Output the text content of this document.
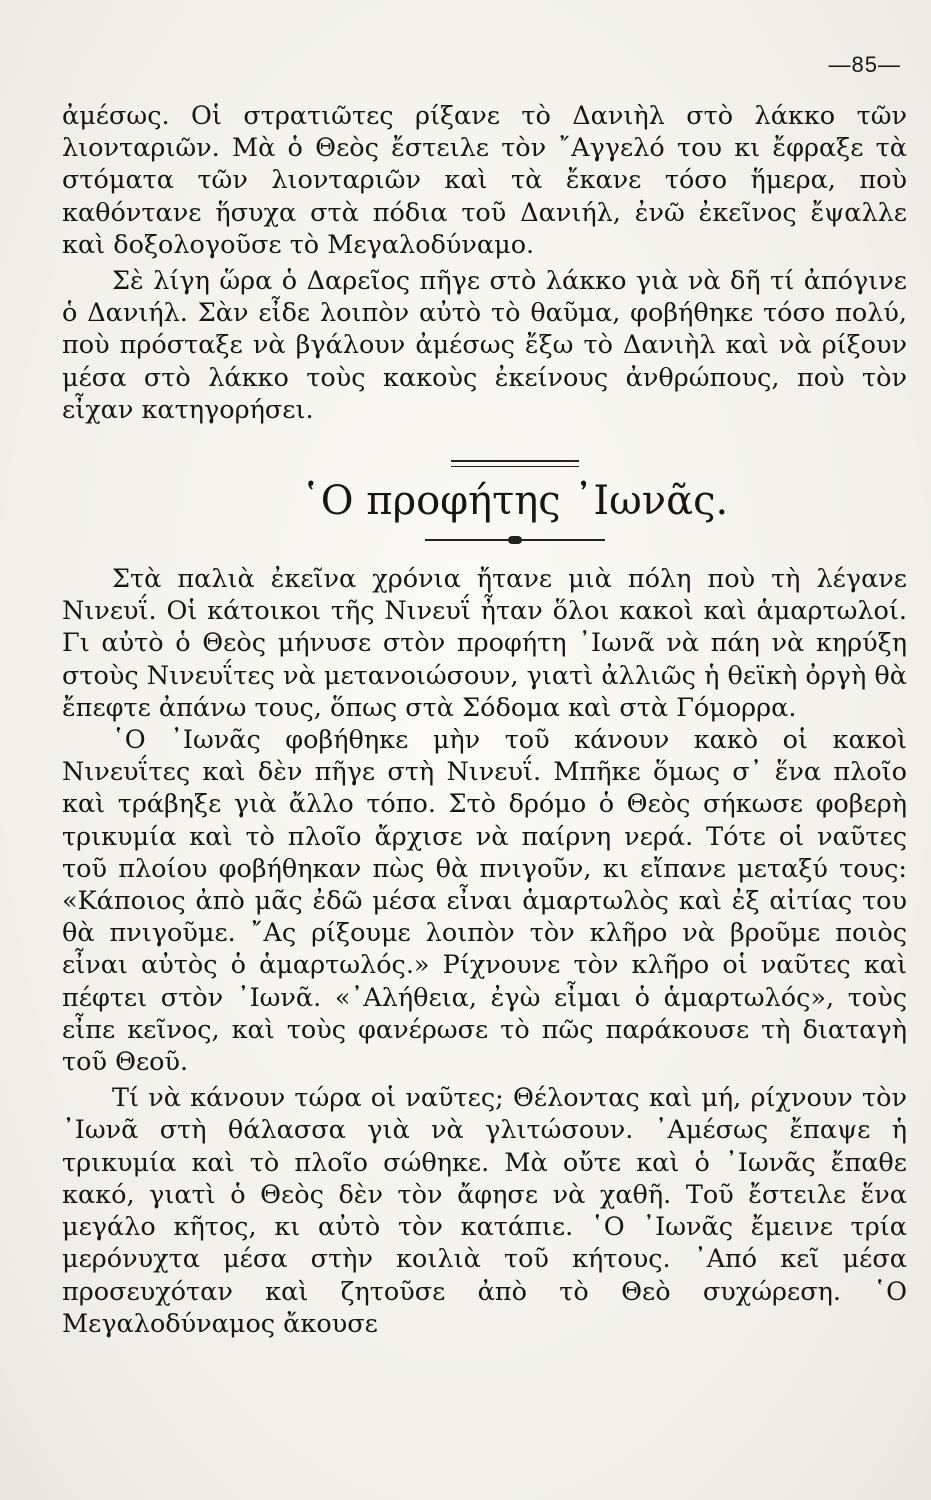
—85—

ἀμέσως. Οἱ στρατιῶτες ρίξανε τὸ Δανιὴλ στὸ λάκκο τῶν λιονταριῶν. Μὰ ὁ Θεὸς ἔστειλε τὸν ῎Αγγελό του κι ἔφραξε τὰ στόματα τῶν λιονταριῶν καὶ τὰ ἔκανε τόσο ἥμερα, ποὺ καθόντανε ἥσυχα στὰ πόδια τοῦ Δανιήλ, ἐνῶ ἐκεῖνος ἔψαλλε καὶ δοξολογοῦσε τὸ Μεγαλοδύναμο.

Σὲ λίγη ὥρα ὁ Δαρεῖος πῆγε στὸ λάκκο γιὰ νὰ δῆ τί ἀπόγινε ὁ Δανιήλ. Σὰν εἶδε λοιπὸν αὐτὸ τὸ θαῦμα, φοβήθηκε τόσο πολύ, ποὺ πρόσταξε νὰ βγάλουν ἀμέσως ἔξω τὸ Δανιὴλ καὶ νὰ ρίξουν μέσα στὸ λάκκο τοὺς κακοὺς ἐκείνους ἀνθρώπους, ποὺ τὸν εἶχαν κατηγορήσει.

῾Ο προφήτης ᾿Ιωνᾶς.

Στὰ παλιὰ ἐκεῖνα χρόνια ἤτανε μιὰ πόλη ποὺ τὴ λέγανε Νινευΐ. Οἱ κάτοικοι τῆς Νινευΐ ἦταν ὅλοι κακοὶ καὶ ἁμαρτωλοί. Γι αὐτὸ ὁ Θεὸς μήνυσε στὸν προφήτη ᾿Ιωνᾶ νὰ πάη νὰ κηρύξη στοὺς Νινευΐτες νὰ μετανοιώσουν, γιατὶ ἀλλιῶς ἡ θεϊκὴ ὀργὴ θὰ ἔπεφτε ἀπάνω τους, ὅπως στὰ Σόδομα καὶ στὰ Γόμορρα.

῾Ο ᾿Ιωνᾶς φοβήθηκε μὴν τοῦ κάνουν κακὸ οἱ κακοὶ Νινευΐτες καὶ δὲν πῆγε στὴ Νινευΐ. Μπῆκε ὅμως σ᾿ ἕνα πλοῖο καὶ τράβηξε γιὰ ἄλλο τόπο. Στὸ δρόμο ὁ Θεὸς σήκωσε φοβερὴ τρικυμία καὶ τὸ πλοῖο ἄρχισε νὰ παίρνη νερά. Τότε οἱ ναῦτες τοῦ πλοίου φοβήθηκαν πὼς θὰ πνιγοῦν, κι εἴπανε μεταξύ τους: «Κάποιος ἀπὸ μᾶς ἐδῶ μέσα εἶναι ἁμαρτωλὸς καὶ ἐξ αἰτίας του θὰ πνιγοῦμε. ῎Ας ρίξουμε λοιπὸν τὸν κλῆρο νὰ βροῦμε ποιὸς εἶναι αὐτὸς ὁ ἁμαρτωλός.» Ρίχνουνε τὸν κλῆρο οἱ ναῦτες καὶ πέφτει στὸν ᾿Ιωνᾶ. «᾿Αλήθεια, ἐγὼ εἶμαι ὁ ἁμαρτωλός», τοὺς εἶπε κεῖνος, καὶ τοὺς φανέρωσε τὸ πῶς παράκουσε τὴ διαταγὴ τοῦ Θεοῦ.

Τί νὰ κάνουν τώρα οἱ ναῦτες; Θέλοντας καὶ μή, ρίχνουν τὸν ᾿Ιωνᾶ στὴ θάλασσα γιὰ νὰ γλιτώσουν. ᾿Αμέσως ἔπαψε ἡ τρικυμία καὶ τὸ πλοῖο σώθηκε. Μὰ οὔτε καὶ ὁ ᾿Ιωνᾶς ἔπαθε κακό, γιατὶ ὁ Θεὸς δὲν τὸν ἄφησε νὰ χαθῆ. Τοῦ ἔστειλε ἕνα μεγάλο κῆτος, κι αὐτὸ τὸν κατάπιε. ῾Ο ᾿Ιωνᾶς ἔμεινε τρία μερόνυχτα μέσα στὴν κοιλιὰ τοῦ κήτους. ᾿Από κεῖ μέσα προσευχόταν καὶ ζητοῦσε ἀπὸ τὸ Θεὸ συχώρεση. ῾Ο Μεγαλοδύναμος ἄκουσε
